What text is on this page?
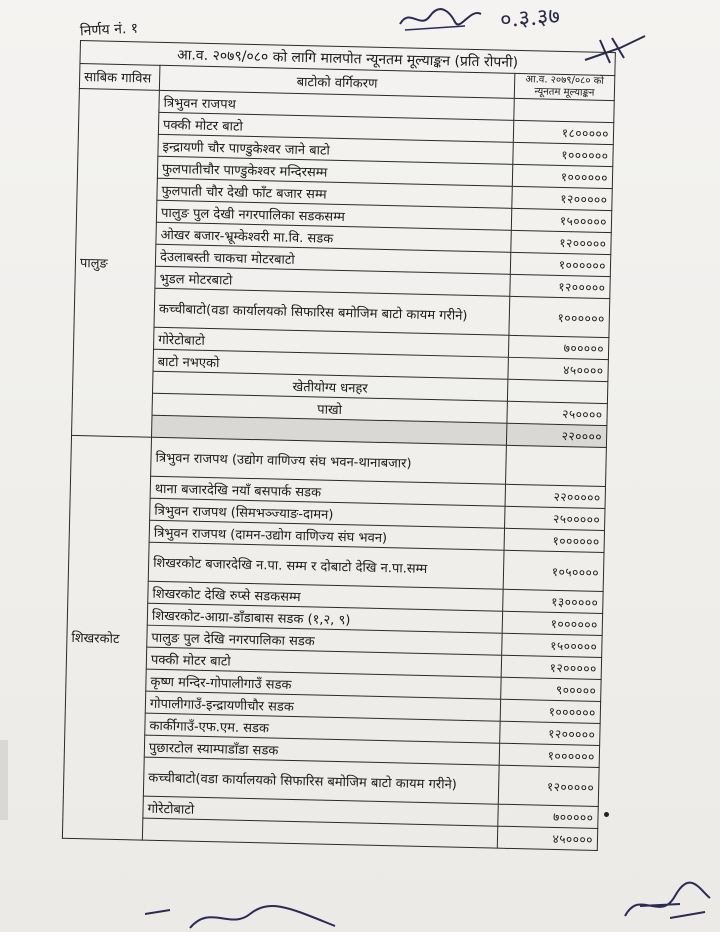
निर्णय नं. १	०.३.३७
आ.व. २०७९/०८० को लागि मालपोत न्यूनतम मूल्याङ्कन (प्रति रोपनी)		
साबिक गाविस	बाटोको वर्गिकरण	आ.व. २०७९/०८० को न्यूनतम मूल्याङ्कन
पालुङ	त्रिभुवन राजपथ	
	पक्की मोटर बाटो	१८०००००
	इन्द्रायणी चौर पाण्डुकेश्वर जाने बाटो	१००००००
	फुलपातीचौर पाण्डुकेश्वर मन्दिरसम्म	१००००००
	फुलपाती चौर देखी फाँट बजार सम्म	१२०००००
	पालुङ पुल देखी नगरपालिका सडकसम्म	१५०००००
	ओखर बजार-भ्रूम्केश्वरी मा.वि. सडक	१२०००००
	देउलाबस्ती चाकचा मोटरबाटो	१००००००
	भुडल मोटरबाटो	१२०००००
	कच्चीबाटो(वडा कार्यालयको सिफारिस बमोजिम बाटो कायम गरीने)	१००००००
	गोरेटोबाटो	७०००००
	बाटो नभएको	४५००००
	खेतीयोग्य धनहर	
	पाखो	२५००००
		२२००००
शिखरकोट	त्रिभुवन राजपथ (उद्योग वाणिज्य संघ भवन-थानाबजार)	
	थाना बजारदेखि नयाँ बसपार्क सडक	२२०००००
	त्रिभुवन राजपथ (सिमभञ्ज्याङ-दामन)	२५०००००
	त्रिभुवन राजपथ (दामन-उद्योग वाणिज्य संघ भवन)	१००००००
	शिखरकोट बजारदेखि न.पा. सम्म र दोबाटो देखि न.पा.सम्म	१०५००००
	शिखरकोट देखि रुप्से सडकसम्म	१३०००००
	शिखरकोट-आग्रा-डाँडाबास सडक (१,२, ९)	१००००००
	पालुङ पुल देखि नगरपालिका सडक	१५०००००
	पक्की मोटर बाटो	१२०००००
	कृष्ण मन्दिर-गोपालीगाउँ सडक	९०००००
	गोपालीगाउँ-इन्द्रायणीचौर सडक	१००००००
	कार्कीगाउँ-एफ.एम. सडक	१२०००००
	पुछारटोल स्याम्पाडाँडा सडक	१००००००
	कच्चीबाटो(वडा कार्यालयको सिफारिस बमोजिम बाटो कायम गरीने)	१२०००००
	गोरेटोबाटो	७०००००
		४५००००
